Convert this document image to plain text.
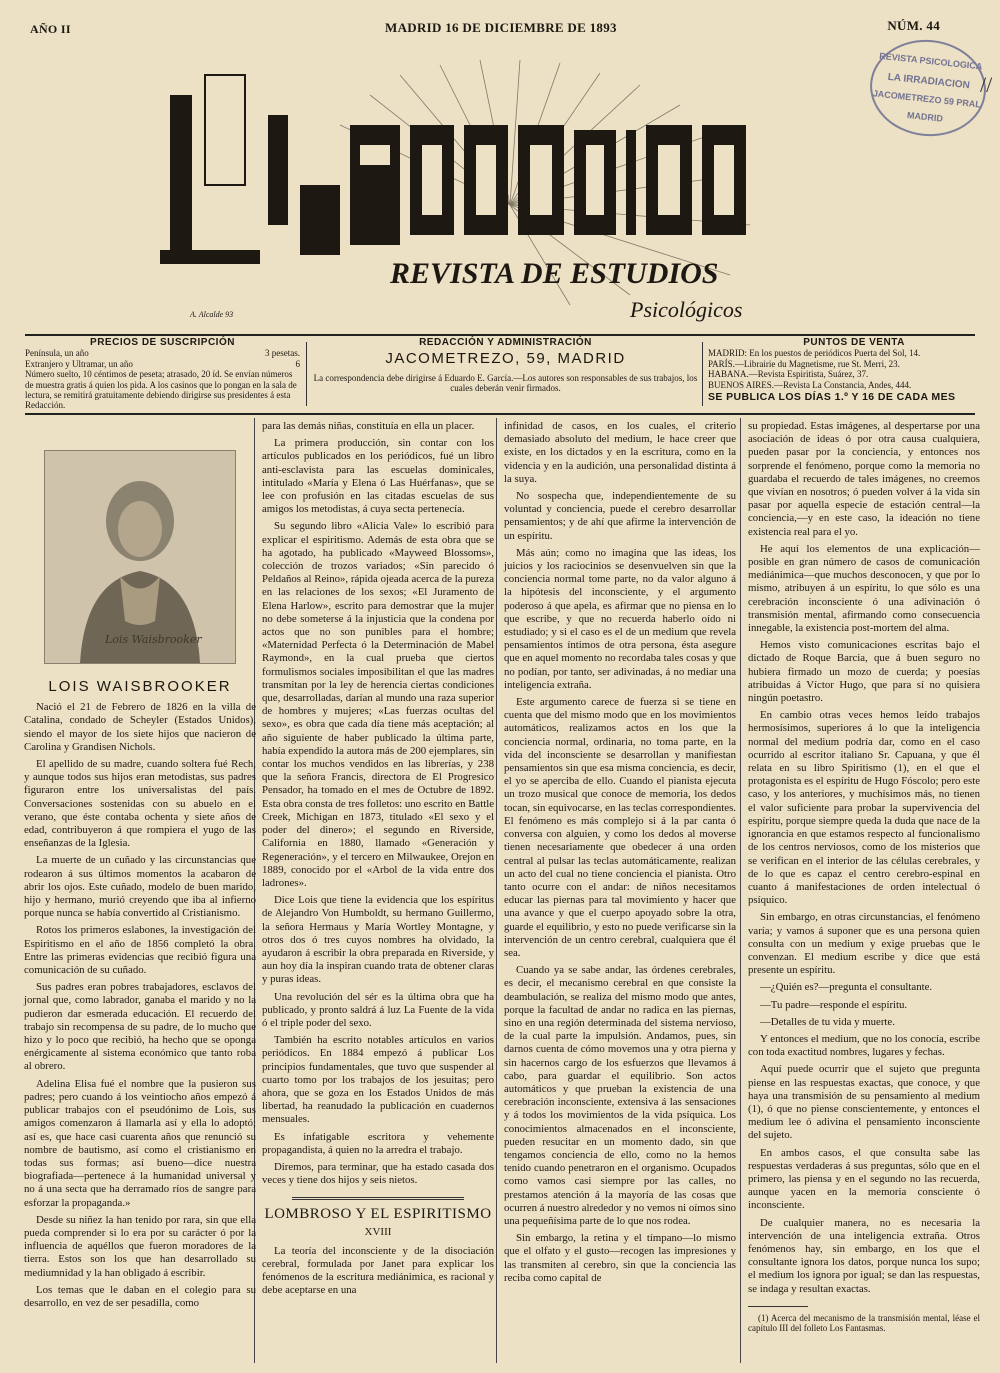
AÑO II	MADRID 16 DE DICIEMBRE DE 1893	NÚM. 44
REVISTA PSICOLOGICA
LA IRRADIACION
JACOMETREZO 59 PRAL
MADRID
//
REVISTA DE ESTUDIOS
Psicológicos
A. Alcalde 93
La Irradiación
PRECIOS DE SUSCRIPCIÓN
Península, un año	3 pesetas.
Extranjero y Ultramar, un año	6
Número suelto, 10 céntimos de peseta; atrasado, 20 íd. Se envían números de muestra gratis á quien los pida. A los casinos que lo pongan en la sala de lectura, se remitirá gratuitamente debiendo dirigirse sus presidentes á esta Redacción.
REDACCIÓN Y ADMINISTRACIÓN
JACOMETREZO, 59, MADRID
La correspondencia debe dirigirse á Eduardo E. García.—Los autores son responsables de sus trabajos, los cuales deberán venir firmados.
PUNTOS DE VENTA
MADRID: En los puestos de periódicos Puerta del Sol, 14.
PARÍS.—Librairie du Magnetisme, rue St. Merri, 23.
HABANA.—Revista Espiritista, Suárez, 37.
BUENOS AIRES.—Revista La Constancia, Andes, 444.
SE PUBLICA LOS DÍAS 1.º Y 16 DE CADA MES
Lois Waisbrooker
LOIS WAISBROOKER

Nació el 21 de Febrero de 1826 en la villa de Catalina, condado de Scheyler (Estados Unidos), siendo el mayor de los siete hijos que nacieron de Carolina y Grandisen Nichols.

El apellido de su madre, cuando soltera fué Rech, y aunque todos sus hijos eran metodistas, sus padres figuraron entre los universalistas del país. Conversaciones sostenidas con su abuelo en el verano, que éste contaba ochenta y siete años de edad, contribuyeron á que rompiera el yugo de las enseñanzas de la Iglesia.

La muerte de un cuñado y las circunstancias que rodearon á sus últimos momentos la acabaron de abrir los ojos. Este cuñado, modelo de buen marido, hijo y hermano, murió creyendo que iba al infierno porque nunca se había convertido al Cristianismo.

Rotos los primeros eslabones, la investigación del Espiritismo en el año de 1856 completó la obra. Entre las primeras evidencias que recibió figura una comunicación de su cuñado.

Sus padres eran pobres trabajadores, esclavos del jornal que, como labrador, ganaba el marido y no la pudieron dar esmerada educación. El recuerdo del trabajo sin recompensa de su padre, de lo mucho que hizo y lo poco que recibió, ha hecho que se oponga enérgicamente al sistema económico que tanto roba al obrero.

Adelina Elisa fué el nombre que la pusieron sus padres; pero cuando á los veintiocho años empezó á publicar trabajos con el pseudónimo de Lois, sus amigos comenzaron á llamarla así y ella lo adoptó; así es, que hace casi cuarenta años que renunció su nombre de bautismo, así como el cristianismo en todas sus formas; así bueno—dice nuestra biografiada—pertenece á la humanidad universal y no á una secta que ha derramado ríos de sangre para esforzar la propaganda.»

Desde su niñez la han tenido por rara, sin que ella pueda comprender si lo era por su carácter ó por la influencia de aquéllos que fueron moradores de la tierra. Estos son los que han desarrollado su mediumnidad y la han obligado á escribir.

Los temas que le daban en el colegio para su desarrollo, en vez de ser pesadilla, como

para las demás niñas, constituía en ella un placer.

La primera producción, sin contar con los artículos publicados en los periódicos, fué un libro anti-esclavista para las escuelas dominicales, intitulado «María y Elena ó Las Huérfanas», que se lee con profusión en las citadas escuelas de sus amigos los metodistas, á cuya secta pertenecía.

Su segundo libro «Alicia Vale» lo escribió para explicar el espiritismo. Además de esta obra que se ha agotado, ha publicado «Mayweed Blossoms», colección de trozos variados; «Sin parecido ó Peldaños al Reino», rápida ojeada acerca de la pureza en las relaciones de los sexos; «El Juramento de Elena Harlow», escrito para demostrar que la mujer no debe someterse á la injusticia que la condena por actos que no son punibles para el hombre; «Maternidad Perfecta ó la Determinación de Mabel Raymond», en la cual prueba que ciertos formulismos sociales imposibilitan el que las madres transmitan por la ley de herencia ciertas condiciones que, desarrolladas, darían al mundo una raza superior de hombres y mujeres; «Las fuerzas ocultas del sexo», es obra que cada día tiene más aceptación; al año siguiente de haber publicado la última parte, había expendido la autora más de 200 ejemplares, sin contar los muchos vendidos en las librerías, y 238 que la señora Francis, directora de El Progresico Pensador, ha tomado en el mes de Octubre de 1892. Esta obra consta de tres folletos: uno escrito en Battle Creek, Michigan en 1873, titulado «El sexo y el poder del dinero»; el segundo en Riverside, California en 1880, llamado «Generación y Regeneración», y el tercero en Milwaukee, Orejon en 1889, conocido por el «Arbol de la vida entre dos ladrones».

Dice Lois que tiene la evidencia que los espíritus de Alejandro Von Humboldt, su hermano Guillermo, la señora Hermaus y María Wortley Montagne, y otros dos ó tres cuyos nombres ha olvidado, la ayudaron á escribir la obra preparada en Riverside, y aun hoy día la inspiran cuando trata de obtener claras y puras ideas.

Una revolución del sér es la última obra que ha publicado, y pronto saldrá á luz La Fuente de la vida ó el triple poder del sexo.

También ha escrito notables artículos en varios periódicos. En 1884 empezó á publicar Los principios fundamentales, que tuvo que suspender al cuarto tomo por los trabajos de los jesuitas; pero ahora, que se goza en los Estados Unidos de más libertad, ha reanudado la publicación en cuadernos mensuales.

Es infatigable escritora y vehemente propagandista, á quien no la arredra el trabajo.

Diremos, para terminar, que ha estado casada dos veces y tiene dos hijos y seis nietos.

LOMBROSO Y EL ESPIRITISMO
XVIII

La teoría del inconsciente y de la disociación cerebral, formulada por Janet para explicar los fenómenos de la escritura mediánimica, es racional y debe aceptarse en una

infinidad de casos, en los cuales, el criterio demasiado absoluto del medium, le hace creer que existe, en los dictados y en la escritura, como en la videncia y en la audición, una personalidad distinta á la suya.

No sospecha que, independientemente de su voluntad y conciencia, puede el cerebro desarrollar pensamientos; y de ahí que afirme la intervención de un espíritu.

Más aún; como no imagina que las ideas, los juicios y los raciocinios se desenvuelven sin que la conciencia normal tome parte, no da valor alguno á la hipótesis del inconsciente, y el argumento poderoso á que apela, es afirmar que no piensa en lo que escribe, y que no recuerda haberlo oído ni estudiado; y si el caso es el de un medium que revela pensamientos íntimos de otra persona, ésta asegure que en aquel momento no recordaba tales cosas y que no podían, por tanto, ser adivinadas, á no mediar una inteligencia extraña.

Este argumento carece de fuerza si se tiene en cuenta que del mismo modo que en los movimientos automáticos, realizamos actos en los que la conciencia normal, ordinaria, no toma parte, en la vida del inconsciente se desarrollan y manifiestan pensamientos sin que esa misma conciencia, es decir, el yo se aperciba de ello. Cuando el pianista ejecuta un trozo musical que conoce de memoria, los dedos tocan, sin equivocarse, en las teclas correspondientes. El fenómeno es más complejo si á la par canta ó conversa con alguien, y como los dedos al moverse tienen necesariamente que obedecer á una orden central al pulsar las teclas automáticamente, realizan un acto del cual no tiene conciencia el pianista. Otro tanto ocurre con el andar: de niños necesitamos educar las piernas para tal movimiento y hacer que una avance y que el cuerpo apoyado sobre la otra, guarde el equilibrio, y esto no puede verificarse sin la intervención de un centro cerebral, cualquiera que él sea.

Cuando ya se sabe andar, las órdenes cerebrales, es decir, el mecanismo cerebral en que consiste la deambulación, se realiza del mismo modo que antes, porque la facultad de andar no radica en las piernas, sino en una región determinada del sistema nervioso, de la cual parte la impulsión. Andamos, pues, sin darnos cuenta de cómo movemos una y otra pierna y sin hacernos cargo de los esfuerzos que llevamos á cabo, para guardar el equilibrio. Son actos automáticos y que prueban la existencia de una cerebración inconsciente, extensiva á las sensaciones y á todos los movimientos de la vida psíquica. Los conocimientos almacenados en el inconsciente, pueden resucitar en un momento dado, sin que tengamos conciencia de ello, como no la hemos tenido cuando penetraron en el organismo. Ocupados como vamos casi siempre por las calles, no prestamos atención á la mayoría de las cosas que ocurren á nuestro alrededor y no vemos ni oímos sino una pequeñísima parte de lo que nos rodea.

Sin embargo, la retina y el tímpano—lo mismo que el olfato y el gusto—recogen las impresiones y las transmiten al cerebro, sin que la conciencia las reciba como capital de

su propiedad. Estas imágenes, al despertarse por una asociación de ideas ó por otra causa cualquiera, pueden pasar por la conciencia, y entonces nos sorprende el fenómeno, porque como la memoria no guardaba el recuerdo de tales imágenes, no creemos que vivían en nosotros; ó pueden volver á la vida sin pasar por aquella especie de estación central—la conciencia,—y en este caso, la ideación no tiene existencia real para el yo.

He aquí los elementos de una explicación—posible en gran número de casos de comunicación mediánimica—que muchos desconocen, y que por lo mismo, atribuyen á un espíritu, lo que sólo es una cerebración inconsciente ó una adivinación ó transmisión mental, afirmando como consecuencia innegable, la existencia post-mortem del alma.

Hemos visto comunicaciones escritas bajo el dictado de Roque Barcia, que á buen seguro no hubiera firmado un mozo de cuerda; y poesías atribuidas á Víctor Hugo, que para sí no quisiera ningún poetastro.

En cambio otras veces hemos leído trabajos hermosísimos, superiores á lo que la inteligencia normal del medium podría dar, como en el caso ocurrido al escritor italiano Sr. Capuana, y que él relata en su libro Spiritismo (1), en el que el protagonista es el espíritu de Hugo Fóscolo; pero este caso, y los anteriores, y muchísimos más, no tienen el valor suficiente para probar la supervivencia del espíritu, porque siempre queda la duda que nace de la ignorancia en que estamos respecto al funcionalismo de los centros nerviosos, como de los misterios que se verifican en el interior de las células cerebrales, y de lo que es capaz el centro cerebro-espinal en cuanto á manifestaciones de orden intelectual ó psíquico.

Sin embargo, en otras circunstancias, el fenómeno varía; y vamos á suponer que es una persona quien consulta con un medium y exige pruebas que le convenzan. El medium escribe y dice que está presente un espíritu.

—¿Quién es?—pregunta el consultante.

—Tu padre—responde el espíritu.

—Detalles de tu vida y muerte.

Y entonces el medium, que no los conocía, escribe con toda exactitud nombres, lugares y fechas.

Aquí puede ocurrir que el sujeto que pregunta piense en las respuestas exactas, que conoce, y que haya una transmisión de su pensamiento al medium (1), ó que no piense conscientemente, y entonces el medium lee ó adivina el pensamiento inconsciente del sujeto.

En ambos casos, el que consulta sabe las respuestas verdaderas á sus preguntas, sólo que en el primero, las piensa y en el segundo no las recuerda, aunque yacen en la memoria consciente ó inconsciente.

De cualquier manera, no es necesaria la intervención de una inteligencia extraña. Otros fenómenos hay, sin embargo, en los que el consultante ignora los datos, porque nunca los supo; el medium los ignora por igual; se dan las respuestas, se indaga y resultan exactas.

(1) Acerca del mecanismo de la transmisión mental, léase el capítulo III del folleto Los Fantasmas.
